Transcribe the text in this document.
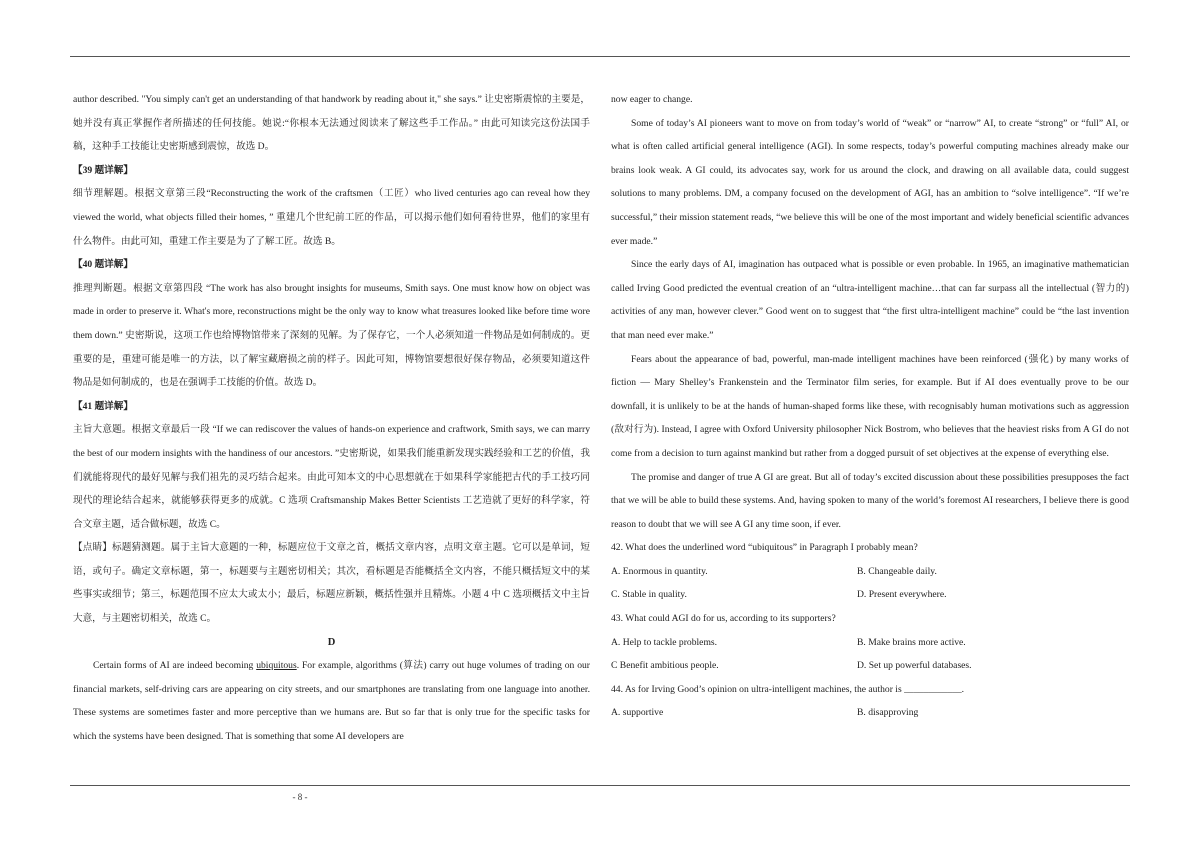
author described. "You simply can't get an understanding of that handwork by reading about it," she says.” 让史密斯震惊的主要是，她并没有真正掌握作者所描述的任何技能。她说:“你根本无法通过阅读来了解这些手工作品。” 由此可知读完这份法国手稿，这种手工技能让史密斯感到震惊，故选 D。

【39 题详解】

细节理解题。根据文章第三段“Reconstructing the work of the craftsmen（工匠）who lived centuries ago can reveal how they viewed the world, what objects filled their homes, ” 重建几个世纪前工匠的作品，可以揭示他们如何看待世界，他们的家里有什么物件。由此可知，重建工作主要是为了了解工匠。故选 B。

【40 题详解】

推理判断题。根据文章第四段 “The work has also brought insights for museums, Smith says. One must know how on object was made in order to preserve it. What's more, reconstructions might be the only way to know what treasures looked like before time wore them down.” 史密斯说，这项工作也给博物馆带来了深刻的见解。为了保存它，一个人必须知道一件物品是如何制成的。更重要的是，重建可能是唯一的方法，以了解宝藏磨损之前的样子。因此可知，博物馆要想很好保存物品，必须要知道这件物品是如何制成的，也是在强调手工技能的价值。故选 D。

【41 题详解】

主旨大意题。根据文章最后一段 “If we can rediscover the values of hands-on experience and craftwork, Smith says, we can marry the best of our modern insights with the handiness of our ancestors. ”史密斯说，如果我们能重新发现实践经验和工艺的价值，我们就能将现代的最好见解与我们祖先的灵巧结合起来。由此可知本文的中心思想就在于如果科学家能把古代的手工技巧同现代的理论结合起来，就能够获得更多的成就。C 选项 Craftsmanship Makes Better Scientists 工艺造就了更好的科学家，符合文章主题，适合做标题，故选 C。

【点睛】标题猜测题。属于主旨大意题的一种，标题应位于文章之首，概括文章内容，点明文章主题。它可以是单词，短语，或句子。确定文章标题，第一，标题要与主题密切相关；其次，看标题是否能概括全文内容，不能只概括短文中的某些事实或细节；第三，标题范围不应太大或太小；最后，标题应新颖，概括性强并且精炼。小题 4 中 C 选项概括文中主旨大意，与主题密切相关，故选 C。

D

Certain forms of AI are indeed becoming ubiquitous. For example, algorithms (算法) carry out huge volumes of trading on our financial markets, self-driving cars are appearing on city streets, and our smartphones are translating from one language into another. These systems are sometimes faster and more perceptive than we humans are. But so far that is only true for the specific tasks for which the systems have been designed. That is something that some AI developers are

now eager to change.

Some of today’s AI pioneers want to move on from today’s world of “weak” or “narrow” AI, to create “strong” or “full” AI, or what is often called artificial general intelligence (AGI). In some respects, today’s powerful computing machines already make our brains look weak. A GI could, its advocates say, work for us around the clock, and drawing on all available data, could suggest solutions to many problems. DM, a company focused on the development of AGI, has an ambition to “solve intelligence”. “If we’re successful,” their mission statement reads, “we believe this will be one of the most important and widely beneficial scientific advances ever made.”

Since the early days of AI, imagination has outpaced what is possible or even probable. In 1965, an imaginative mathematician called Irving Good predicted the eventual creation of an “ultra-intelligent machine…that can far surpass all the intellectual (智力的) activities of any man, however clever.” Good went on to suggest that “the first ultra-intelligent machine” could be “the last invention that man need ever make.”

Fears about the appearance of bad, powerful, man-made intelligent machines have been reinforced (强化) by many works of fiction — Mary Shelley’s Frankenstein and the Terminator film series, for example. But if AI does eventually prove to be our downfall, it is unlikely to be at the hands of human-shaped forms like these, with recognisably human motivations such as aggression (敌对行为). Instead, I agree with Oxford University philosopher Nick Bostrom, who believes that the heaviest risks from A GI do not come from a decision to turn against mankind but rather from a dogged pursuit of set objectives at the expense of everything else.

The promise and danger of true A GI are great. But all of today’s excited discussion about these possibilities presupposes the fact that we will be able to build these systems. And, having spoken to many of the world’s foremost AI researchers, I believe there is good reason to doubt that we will see A GI any time soon, if ever.

42. What does the underlined word “ubiquitous” in Paragraph I probably mean?

A. Enormous in quantity.	B. Changeable daily.
C. Stable in quality.	D. Present everywhere.

43. What could AGI do for us, according to its supporters?

A. Help to tackle problems.	B. Make brains more active.
C Benefit ambitious people.	D. Set up powerful databases.

44. As for Irving Good’s opinion on ultra-intelligent machines, the author is ____________.

A. supportive	B. disapproving
- 8 -
